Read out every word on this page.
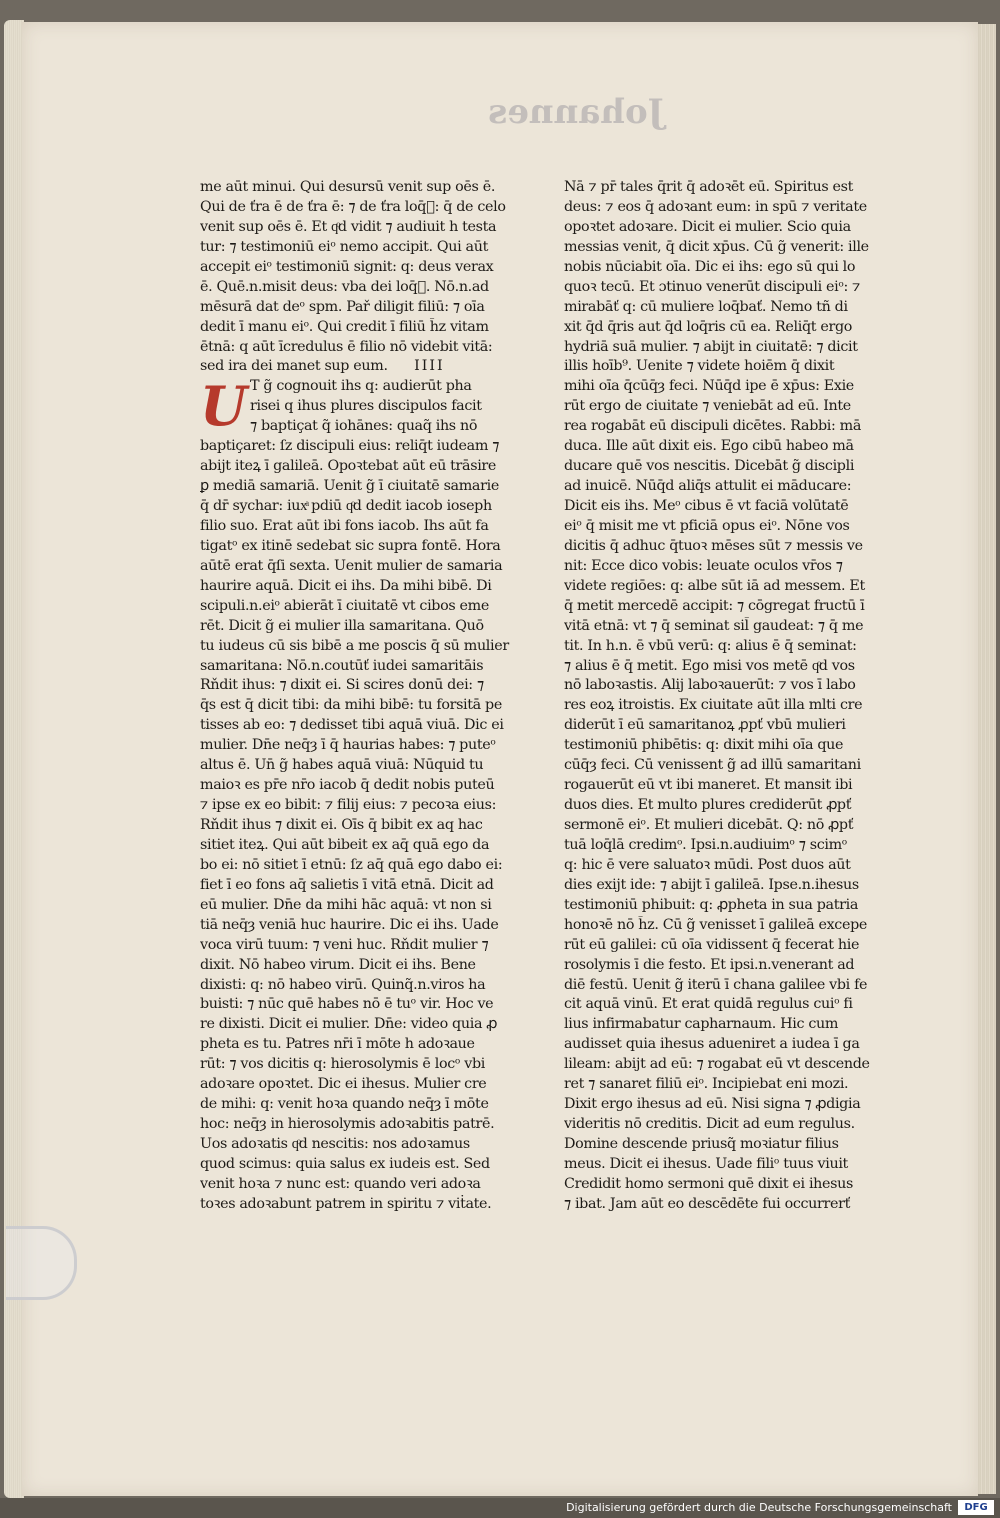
Johannes
me aūt minui. Qui desursū venit sup oēs ē.
Qui de ťra ē de ťra ē: ⁊ de ťra loq̄ᷓ: q̄ de celo
venit sup oēs ē. Et qͦd vidit ⁊ audiuit h testa
tur: ⁊ testimoniū eiᵒ nemo accipit. Qui aūt
accepit eiᵒ testimoniū signit: q: deus verax
ē. Quē.n.misit deus: vba dei loq̄ᷓ. Nō.n.ad
mēsurā dat deᵒ spm. Pař diligit filiū: ⁊ oīa
dedit ī manu eiᵒ. Qui credit ī filiū h̄z vitam
ētnā: q aūt īcredulus ē filio nō videbit vitā:
sed ira dei manet sup eum. IIII
U T g̃ cognouit ihs q: audierūt pha
risei q ihus plures discipulos facit
⁊ baptiçat q̃ iohānes: quaq̃ ihs nō
baptiçaret: ſz discipuli eius: reliq̄t iudeam ⁊
abijt iteꝝ ī galileā. Opoꝛtebat aūt eū trāsire
ꝑ mediā samariā. Uenit g̃ ī ciuitatē samarie
q̄ dr̄ sychar: iuxͣ pdiū qͦd dedit iacob ioseph
filio suo. Erat aūt ibi fons iacob. Ihs aūt fa
tigatᵒ ex itinē sedebat sic supra fontē. Hora
aūtē erat q̄ſi sexta. Uenit mulier de samaria
haurire aquā. Dicit ei ihs. Da mihi bibē. Di
scipuli.n.eiᵒ abierāt ī ciuitatē vt cibos eme
rēt. Dicit g̃ ei mulier illa samaritana. Quō
tu iudeus cū sis bibē a me poscis q̄ sū mulier
samaritana: Nō.n.coutūť iudei samaritāis
Rňdit ihus: ⁊ dixit ei. Si scires donū dei: ⁊
q̄s est q̄ dicit tibi: da mihi bibē: tu forsitā pe
tisses ab eo: ⁊ dedisset tibi aquā viuā. Dic ei
mulier. Dn̄e neq̄ȝ ī q̄ haurias habes: ⁊ puteᵒ
altus ē. Un̄ g̃ habes aquā viuā: Nūquid tu
maioꝛ es pr̄e nr̄o iacob q̄ dedit nobis puteū
⁊ ipse ex eo bibit: ⁊ filij eius: ⁊ pecoꝛa eius:
Rňdit ihus ⁊ dixit ei. Oīs q̄ bibit ex aq hac
sitiet iteꝝ. Qui aūt bibeit ex aq̄ quā ego da
bo ei: nō sitiet ī etnū: ſz aq̄ quā ego dabo ei:
fiet ī eo fons aq̄ salietis ī vitā etnā. Dicit ad
eū mulier. Dn̄e da mihi hāc aquā: vt non si
tiā neq̄ȝ veniā huc haurire. Dic ei ihs. Uade
voca virū tuum: ⁊ veni huc. Rňdit mulier ⁊
dixit. Nō habeo virum. Dicit ei ihs. Bene
dixisti: q: nō habeo virū. Quinq̃.n.viros ha
buisti: ⁊ nūc quē habes nō ē tuᵒ vir. Hoc ve
re dixisti. Dicit ei mulier. Dn̄e: video quia ꝓ
pheta es tu. Patres nr̄i ī mōte h adoꝛaue
rūt: ⁊ vos dicitis q: hierosolymis ē locᵒ vbi
adoꝛare opoꝛtet. Dic ei ihesus. Mulier cre
de mihi: q: venit hoꝛa quando neq̄ȝ ī mōte
hoc: neq̄ȝ in hierosolymis adoꝛabitis patrē.
Uos adoꝛatis qͦd nescitis: nos adoꝛamus
quod scimus: quia salus ex iudeis est. Sed
venit hoꝛa ⁊ nunc est: quando veri adoꝛa
toꝛes adoꝛabunt patrem in spiritu ⁊ viṫate.
Nā ⁊ pr̄ tales q̄rit q̄ adoꝛēt eū. Spiritus est
deus: ⁊ eos q̄ adoꝛant eum: in spū ⁊ veritate
opoꝛtet adoꝛare. Dicit ei mulier. Scio quia
messias venit, q̄ dicit xp̄us. Cū g̃ venerit: ille
nobis nūciabit oīa. Dic ei ihs: ego sū qui lo
quoꝛ tecū. Et ɔtinuo venerūt discipuli eiᵒ: ⁊
mirabāť q: cū muliere loq̄bať. Nemo tñ di
xit q̄d q̄ris aut q̄d loq̄ris cū ea. Reliq̄t ergo
hydriā suā mulier. ⁊ abijt in ciuitatē: ⁊ dicit
illis hoīb⁹. Uenite ⁊ videte hoiēm q̄ dixit
mihi oīa q̄cūq̄ȝ feci. Nūq̄d ipe ē xp̄us: Exie
rūt ergo de ciuitate ⁊ veniebāt ad eū. Inte
rea rogabāt eū discipuli dicētes. Rabbi: mā
duca. Ille aūt dixit eis. Ego cibū habeo mā
ducare quē vos nescitis. Dicebāt g̃ discipli
ad inuicē. Nūq̄d aliq̄s attulit ei māducare:
Dicit eis ihs. Meᵒ cibus ē vt faciā volūtatē
eiᵒ q̄ misit me vt pficiā opus eiᵒ. Nōne vos
dicitis q̄ adhuc q̄tuoꝛ mēses sūt ⁊ messis ve
nit: Ecce dico vobis: leuate oculos vr̄os ⁊
videte regiōes: q: albe sūt iā ad messem. Et
q̄ metit mercedē accipit: ⁊ cōgregat fructū ī
vitā etnā: vt ⁊ q̄ seminat sil̄ gaudeat: ⁊ q̄ me
tit. In h.n. ē vbū verū: q: alius ē q̄ seminat:
⁊ alius ē q̄ metit. Ego misi vos metē qͦd vos
nō laboꝛastis. Alij laboꝛauerūt: ⁊ vos ī labo
res eoꝝ itroistis. Ex ciuitate aūt illa mlti cre
diderūt ī eū samaritanoꝝ ꝓpť vbū mulieri
testimoniū phibētis: q: dixit mihi oīa que
cūq̄ȝ feci. Cū venissent g̃ ad illū samaritani
rogauerūt eū vt ibi maneret. Et mansit ibi
duos dies. Et multo plures crediderūt ꝓpť
sermonē eiᵒ. Et mulieri dicebāt. Q: nō ꝓpť
tuā loq̄lā credimᵒ. Ipsi.n.audiuimᵒ ⁊ scimᵒ
q: hic ē vere saluatoꝛ mūdi. Post duos aūt
dies exijt ide: ⁊ abijt ī galileā. Ipse.n.ihesus
testimoniū phibuit: q: ꝓpheta in sua patria
honoꝛē nō h̄z. Cū g̃ venisset ī galileā excepe
rūt eū galilei: cū oīa vidissent q̄ fecerat hie
rosolymis ī die festo. Et ipsi.n.venerant ad
diē festū. Uenit g̃ iterū ī chana galilee vbi fe
cit aquā vinū. Et erat quidā regulus cuiᵒ fi
lius infirmabatur capharnaum. Hic cum
audisset quia ihesus adueniret a iudea ī ga
lileam: abijt ad eū: ⁊ rogabat eū vt descende
ret ⁊ sanaret filiū eiᵒ. Incipiebat eni mozi.
Dixit ergo ihesus ad eū. Nisi signa ⁊ ꝓdigia
videritis nō creditis. Dicit ad eum regulus.
Domine descende priusq̃ moꝛiatur filius
meus. Dicit ei ihesus. Uade filiᵒ tuus viuit
Credidit homo sermoni quē dixit ei ihesus
⁊ ibat. Jam aūt eo descēdēte fui occurrerť
Digitalisierung gefördert durch die Deutsche Forschungsgemeinschaft	DFG
